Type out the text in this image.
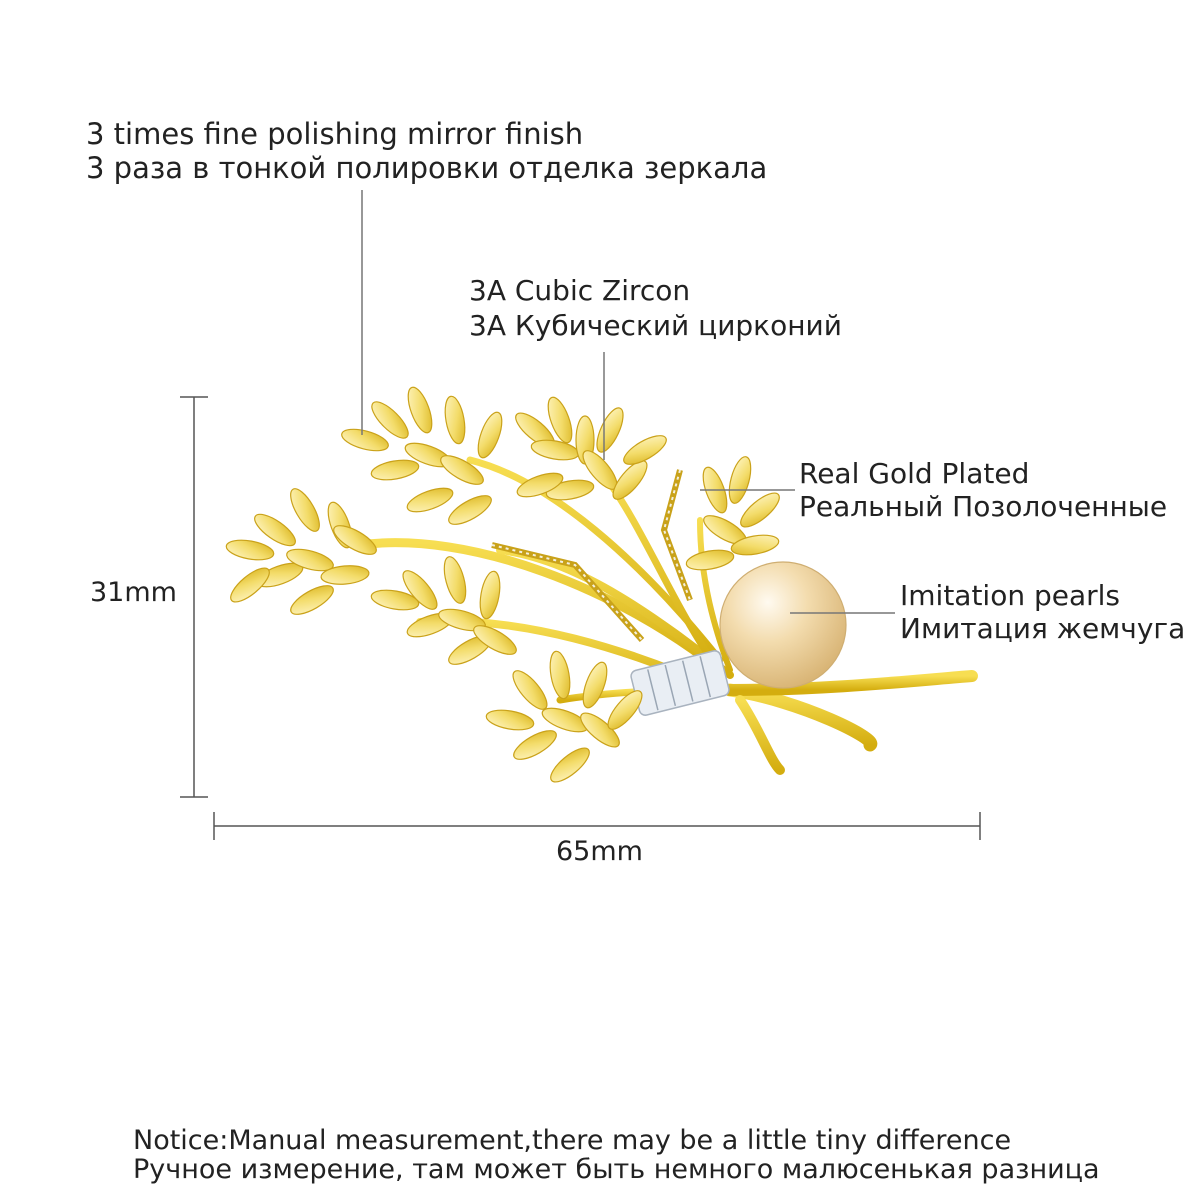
3 times fine polishing mirror finish
3 раза в тонкой полировки отделка зеркала
3A Cubic Zircon
3A Кубический цирконий
Real Gold Plated
Реальный Позолоченные
Imitation pearls
Имитация жемчуга
31mm
65mm
Notice:Manual measurement,there may be a little tiny difference
Ручное измерение, там может быть немного малюсенькая разница
